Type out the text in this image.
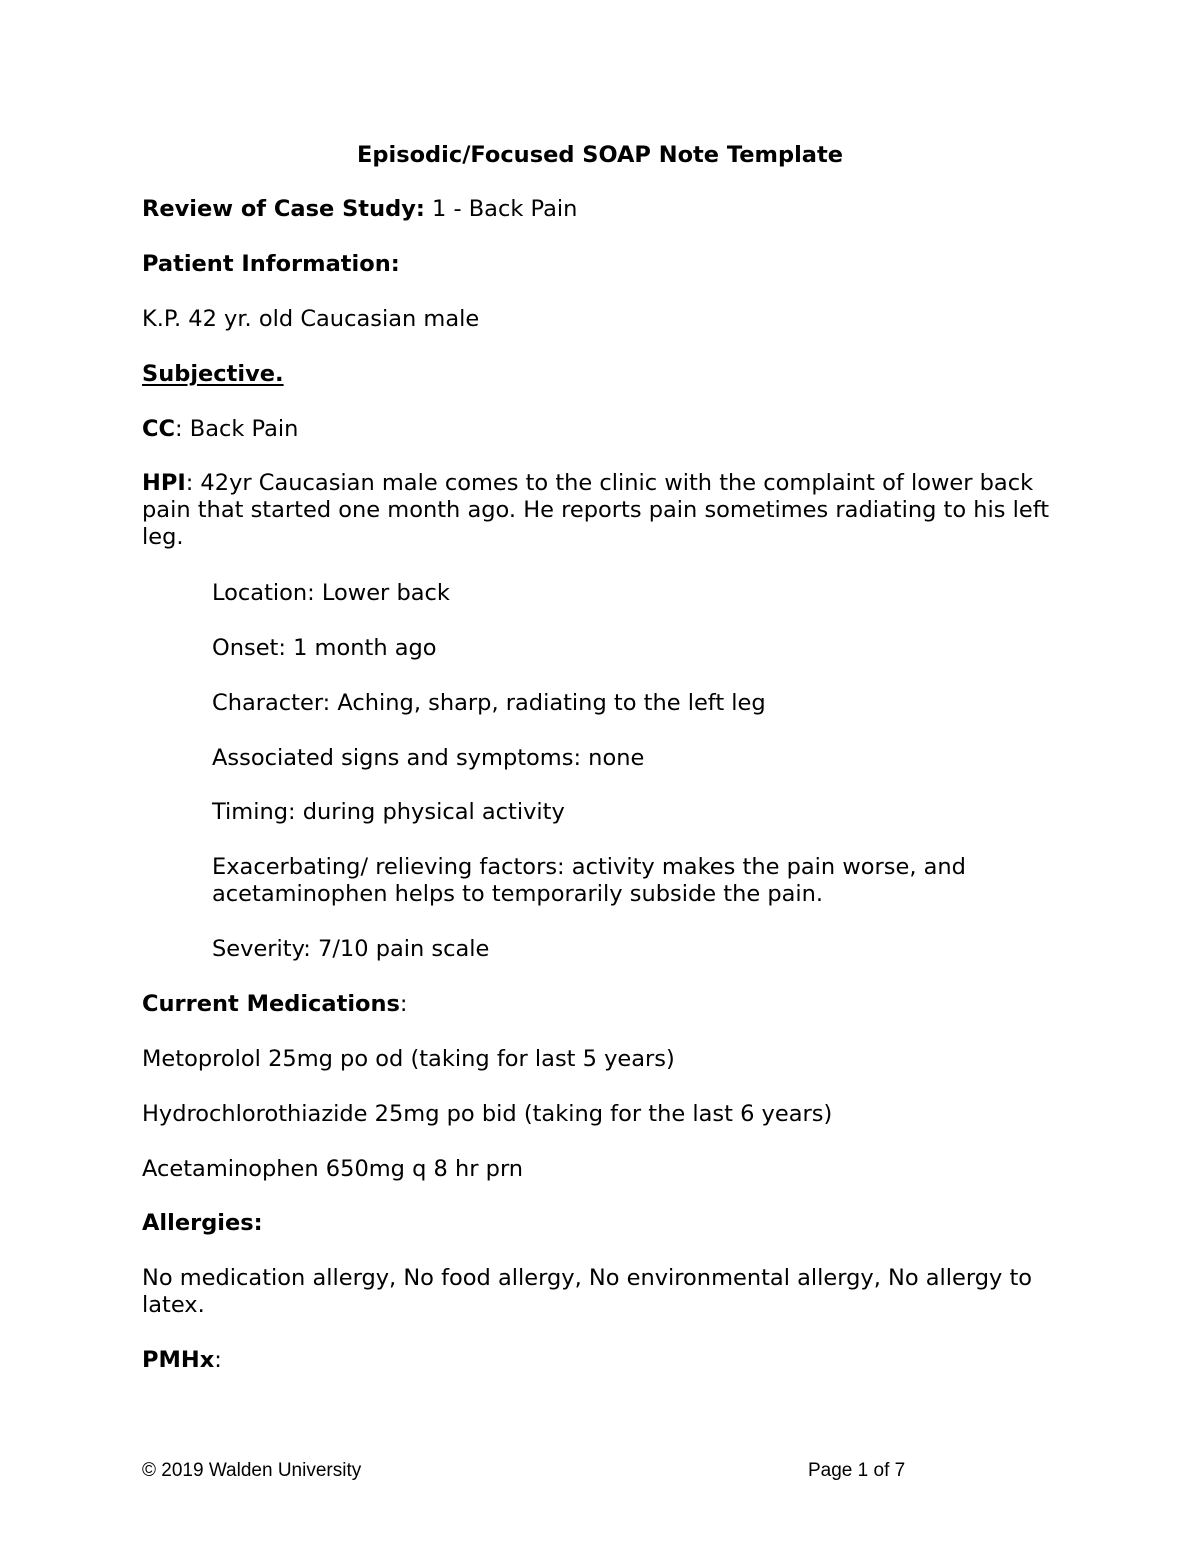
Episodic/Focused SOAP Note Template

Review of Case Study: 1 - Back Pain

Patient Information:

K.P. 42 yr. old Caucasian male

Subjective.

CC: Back Pain

HPI: 42yr Caucasian male comes to the clinic with the complaint of lower back pain that started one month ago. He reports pain sometimes radiating to his left leg.

Location: Lower back

Onset: 1 month ago

Character: Aching, sharp, radiating to the left leg

Associated signs and symptoms: none

Timing: during physical activity

Exacerbating/ relieving factors: activity makes the pain worse, and acetaminophen helps to temporarily subside the pain.

Severity: 7/10 pain scale

Current Medications:

Metoprolol 25mg po od (taking for last 5 years)

Hydrochlorothiazide 25mg po bid (taking for the last 6 years)

Acetaminophen 650mg q 8 hr prn

Allergies:

No medication allergy, No food allergy, No environmental allergy, No allergy to latex.

PMHx:

© 2019 Walden University	Page 1 of 7
